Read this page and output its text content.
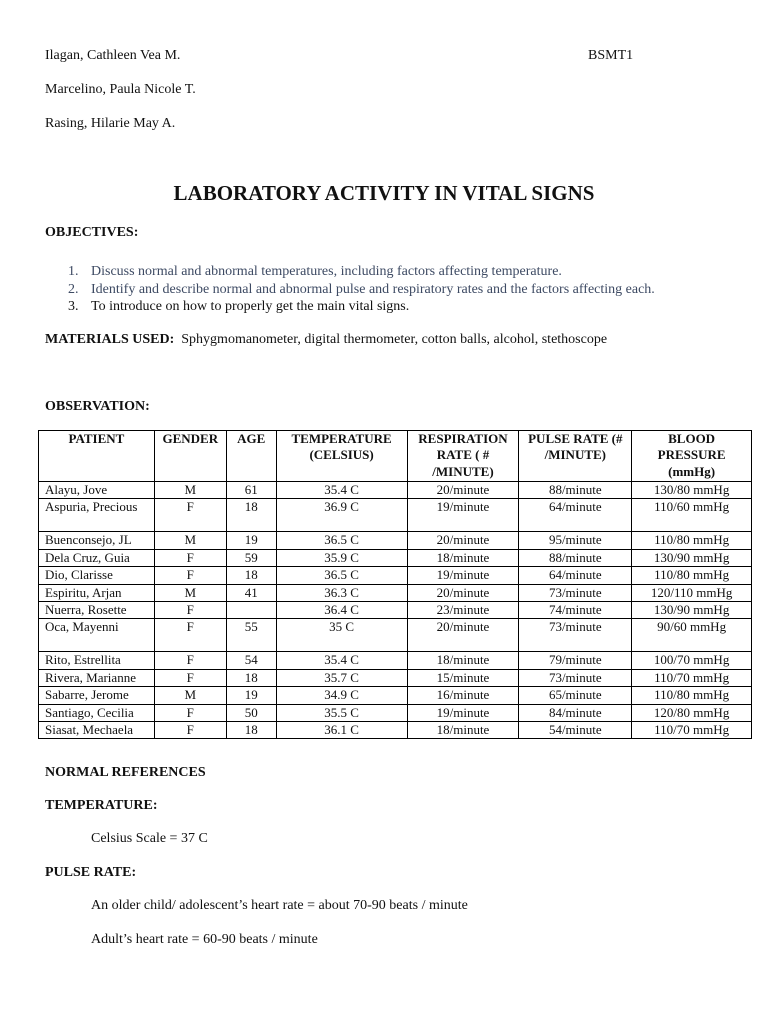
Ilagan, Cathleen Vea M.	BSMT1
Marcelino, Paula Nicole T.
Rasing, Hilarie May A.
LABORATORY ACTIVITY IN VITAL SIGNS
OBJECTIVES:
1. Discuss normal and abnormal temperatures, including factors affecting temperature.
2. Identify and describe normal and abnormal pulse and respiratory rates and the factors affecting each.
3. To introduce on how to properly get the main vital signs.
MATERIALS USED: Sphygmomanometer, digital thermometer, cotton balls, alcohol, stethoscope
OBSERVATION:
PATIENT	GENDER	AGE	TEMPERATURE (CELSIUS)	RESPIRATION RATE ( # /MINUTE)	PULSE RATE (# /MINUTE)	BLOOD PRESSURE (mmHg)
Alayu, Jove	M	61	35.4 C	20/minute	88/minute	130/80 mmHg
Aspuria, Precious	F	18	36.9 C	19/minute	64/minute	110/60 mmHg
Buenconsejo, JL	M	19	36.5 C	20/minute	95/minute	110/80 mmHg
Dela Cruz, Guia	F	59	35.9 C	18/minute	88/minute	130/90 mmHg
Dio, Clarisse	F	18	36.5 C	19/minute	64/minute	110/80 mmHg
Espiritu, Arjan	M	41	36.3 C	20/minute	73/minute	120/110 mmHg
Nuerra, Rosette	F		36.4 C	23/minute	74/minute	130/90 mmHg
Oca, Mayenni	F	55	35 C	20/minute	73/minute	90/60 mmHg
Rito, Estrellita	F	54	35.4 C	18/minute	79/minute	100/70 mmHg
Rivera, Marianne	F	18	35.7 C	15/minute	73/minute	110/70 mmHg
Sabarre, Jerome	M	19	34.9 C	16/minute	65/minute	110/80 mmHg
Santiago, Cecilia	F	50	35.5 C	19/minute	84/minute	120/80 mmHg
Siasat, Mechaela	F	18	36.1 C	18/minute	54/minute	110/70 mmHg
NORMAL REFERENCES
TEMPERATURE:
Celsius Scale = 37 C
PULSE RATE:
An older child/ adolescent’s heart rate = about 70-90 beats / minute
Adult’s heart rate = 60-90 beats / minute
